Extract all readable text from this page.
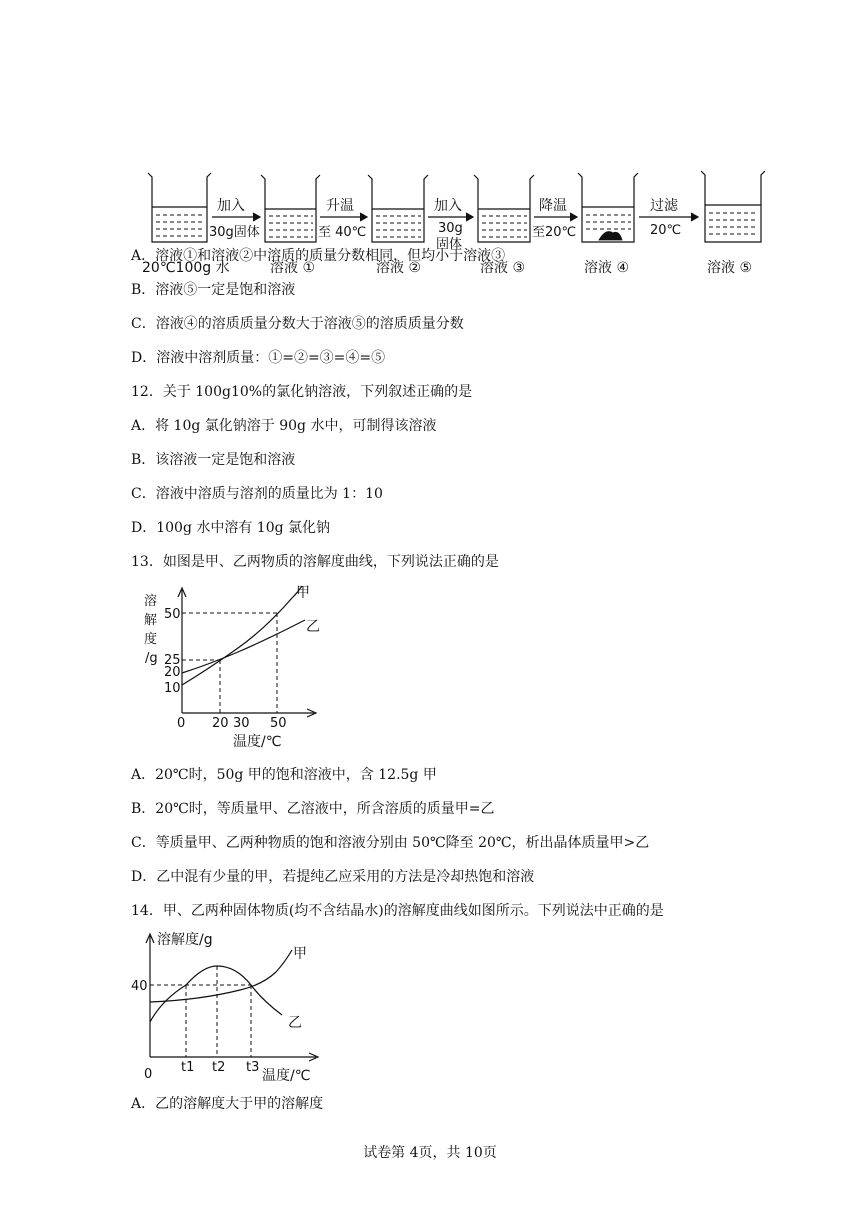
加入
30g固体
升温
至 40℃
加入
30g
固体
降温
至20℃
过滤
20℃
20℃100g 水	溶液 ①	溶液 ②	溶液 ③	溶液 ④	溶液 ⑤
A．溶液①和溶液②中溶质的质量分数相同，但均小于溶液③
B．溶液⑤一定是饱和溶液
C．溶液④的溶质质量分数大于溶液⑤的溶质质量分数
D．溶液中溶剂质量：①=②=③=④=⑤
12．关于 100g10%的氯化钠溶液，下列叙述正确的是
A．将 10g 氯化钠溶于 90g 水中，可制得该溶液
B．该溶液一定是饱和溶液
C．溶液中溶质与溶剂的质量比为 1：10
D．100g 水中溶有 10g 氯化钠
13．如图是甲、乙两物质的溶解度曲线，下列说法正确的是
溶
解
度
/g
50
25
20
10
0 20 30 50
温度/℃
甲
乙
A．20℃时，50g 甲的饱和溶液中，含 12.5g 甲
B．20℃时，等质量甲、乙溶液中，所含溶质的质量甲=乙
C．等质量甲、乙两种物质的饱和溶液分别由 50℃降至 20℃，析出晶体质量甲>乙
D．乙中混有少量的甲，若提纯乙应采用的方法是冷却热饱和溶液
14．甲、乙两种固体物质(均不含结晶水)的溶解度曲线如图所示。下列说法中正确的是
溶解度/g
40
0 t1 t2 t3
温度/℃
甲
乙
A．乙的溶解度大于甲的溶解度
试卷第 4页，共 10页
